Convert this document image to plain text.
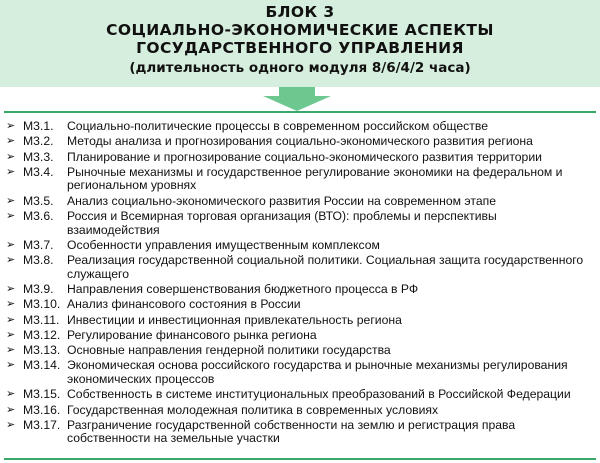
БЛОК 3
СОЦИАЛЬНО-ЭКОНОМИЧЕСКИЕ АСПЕКТЫ
ГОСУДАРСТВЕННОГО УПРАВЛЕНИЯ
(длительность одного модуля 8/6/4/2 часа)
➢ М3.1.	Социально-политические процессы в современном российском обществе
➢ М3.2.	Методы анализа и прогнозирования социально-экономического развития региона
➢ М3.3.	Планирование и прогнозирование социально-экономического развития территории
➢ М3.4.	Рыночные механизмы и государственное регулирование экономики на федеральном и региональном уровнях
➢ М3.5.	Анализ социально-экономического развития России на современном этапе
➢ М3.6.	Россия и Всемирная торговая организация (ВТО): проблемы и перспективы взаимодействия
➢ М3.7.	Особенности управления имущественным комплексом
➢ М3.8.	Реализация государственной социальной политики. Социальная защита государственного служащего
➢ М3.9.	Направления совершенствования бюджетного процесса в РФ
➢ М3.10. Анализ финансового состояния в России
➢ М3.11. Инвестиции и инвестиционная привлекательность региона
➢ М3.12. Регулирование финансового рынка региона
➢ М3.13. Основные направления гендерной политики государства
➢ М3.14. Экономическая основа российского государства и рыночные механизмы регулирования экономических процессов
➢ М3.15. Собственность в системе институциональных преобразований в Российской Федерации
➢ М3.16. Государственная молодежная политика в современных условиях
➢ М3.17. Разграничение государственной собственности на землю и регистрация права собственности на земельные участки
